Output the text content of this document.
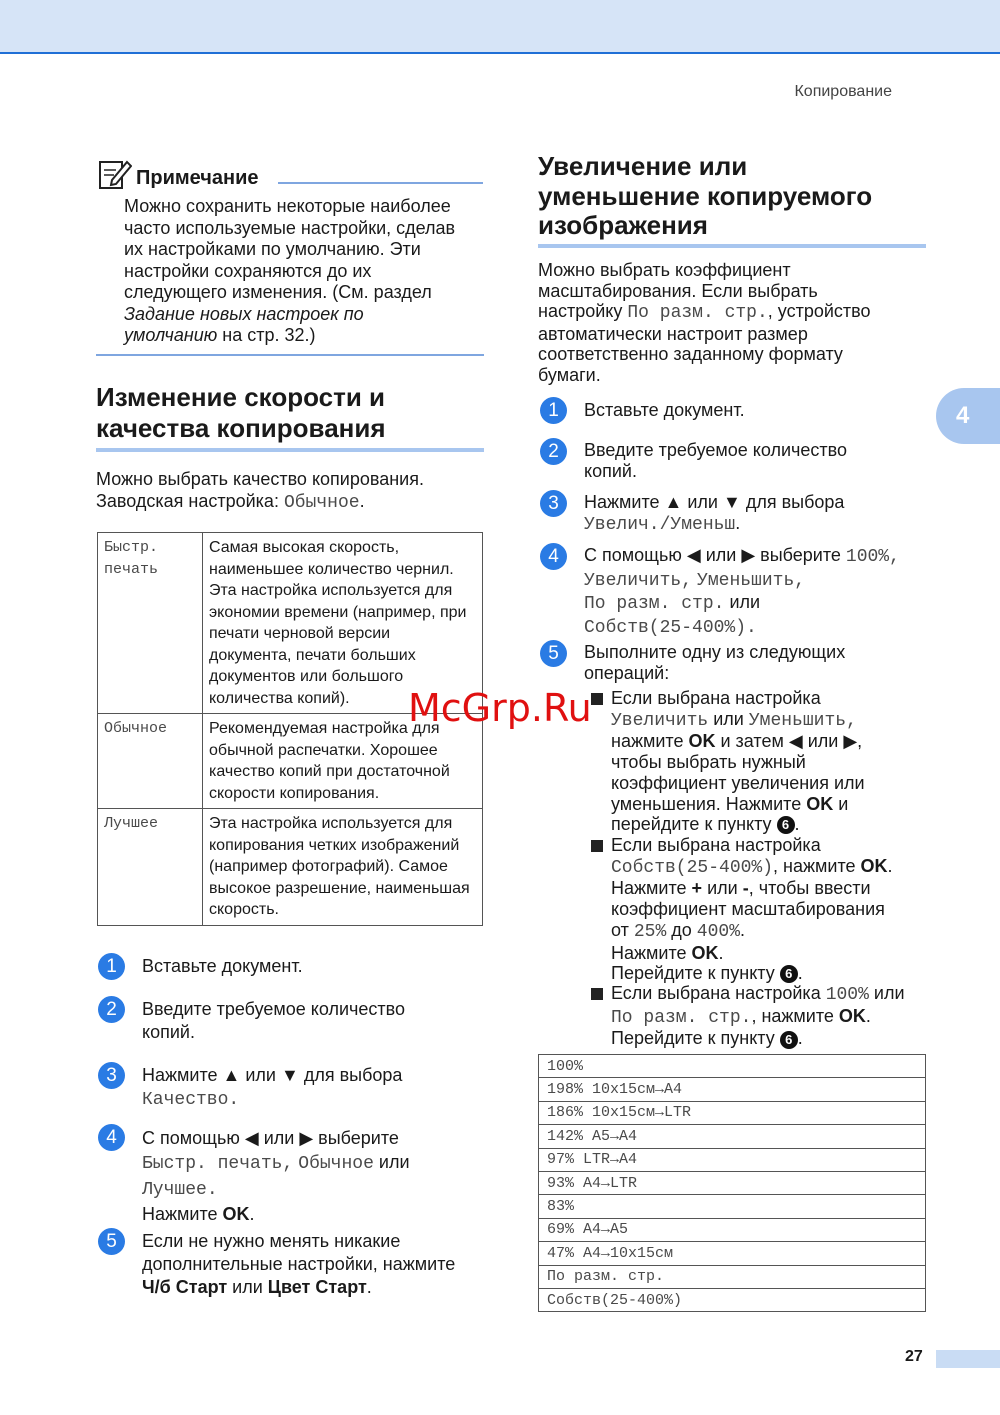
Копирование
4
Примечание
Можно сохранить некоторые наиболее
часто используемые настройки, сделав
их настройками по умолчанию. Эти
настройки сохраняются до их
следующего изменения. (См. раздел
Задание новых настроек по
умолчанию на стр. 32.)
Изменение скорости и
качества копирования
Можно выбрать качество копирования.
Заводская настройка: Обычное.
Быстр. печать	Самая высокая скорость, наименьшее количество чернил. Эта настройка используется для экономии времени (например, при печати черновой версии документа, печати больших документов или большого количества копий).
Обычное	Рекомендуемая настройка для обычной распечатки. Хорошее качество копий при достаточной скорости копирования.
Лучшее	Эта настройка используется для копирования четких изображений (например фотографий). Самое высокое разрешение, наименьшая скорость.
1	Вставьте документ.
2	Введите требуемое количество
копий.
3	Нажмите ▲ или ▼ для выбора
Качество.
4	С помощью ◀ или ▶ выберите
Быстр. печать, Обычное или
Лучшее.
Нажмите OK.
5	Если не нужно менять никакие
дополнительные настройки, нажмите
Ч/б Старт или Цвет Старт.
Увеличение или
уменьшение копируемого
изображения
Можно выбрать коэффициент
масштабирования. Если выбрать
настройку По разм. стр., устройство
автоматически настроит размер
соответственно заданному формату
бумаги.
1	Вставьте документ.
2	Введите требуемое количество
копий.
3	Нажмите ▲ или ▼ для выбора
Увелич./Уменьш.
4	С помощью ◀ или ▶ выберите 100%,
Увеличить, Уменьшить,
По разм. стр. или
Собств(25-400%).
5	Выполните одну из следующих
операций:
Если выбрана настройка
Увеличить или Уменьшить,
нажмите OK и затем ◀ или ▶,
чтобы выбрать нужный
коэффициент увеличения или
уменьшения. Нажмите OK и
перейдите к пункту 6 .
Если выбрана настройка
Собств(25-400%), нажмите OK.
Нажмите + или -, чтобы ввести
коэффициент масштабирования
от 25% до 400%.
Нажмите OK.
Перейдите к пункту 6 .
Если выбрана настройка 100% или
По разм. стр., нажмите OK.
Перейдите к пункту 6 .
100%
198% 10x15см→A4
186% 10x15см→LTR
142% A5→A4
97% LTR→A4
93% A4→LTR
83%
69% A4→A5
47% A4→10x15см
По разм. стр.
Собств(25-400%)
McGrp.Ru
27
